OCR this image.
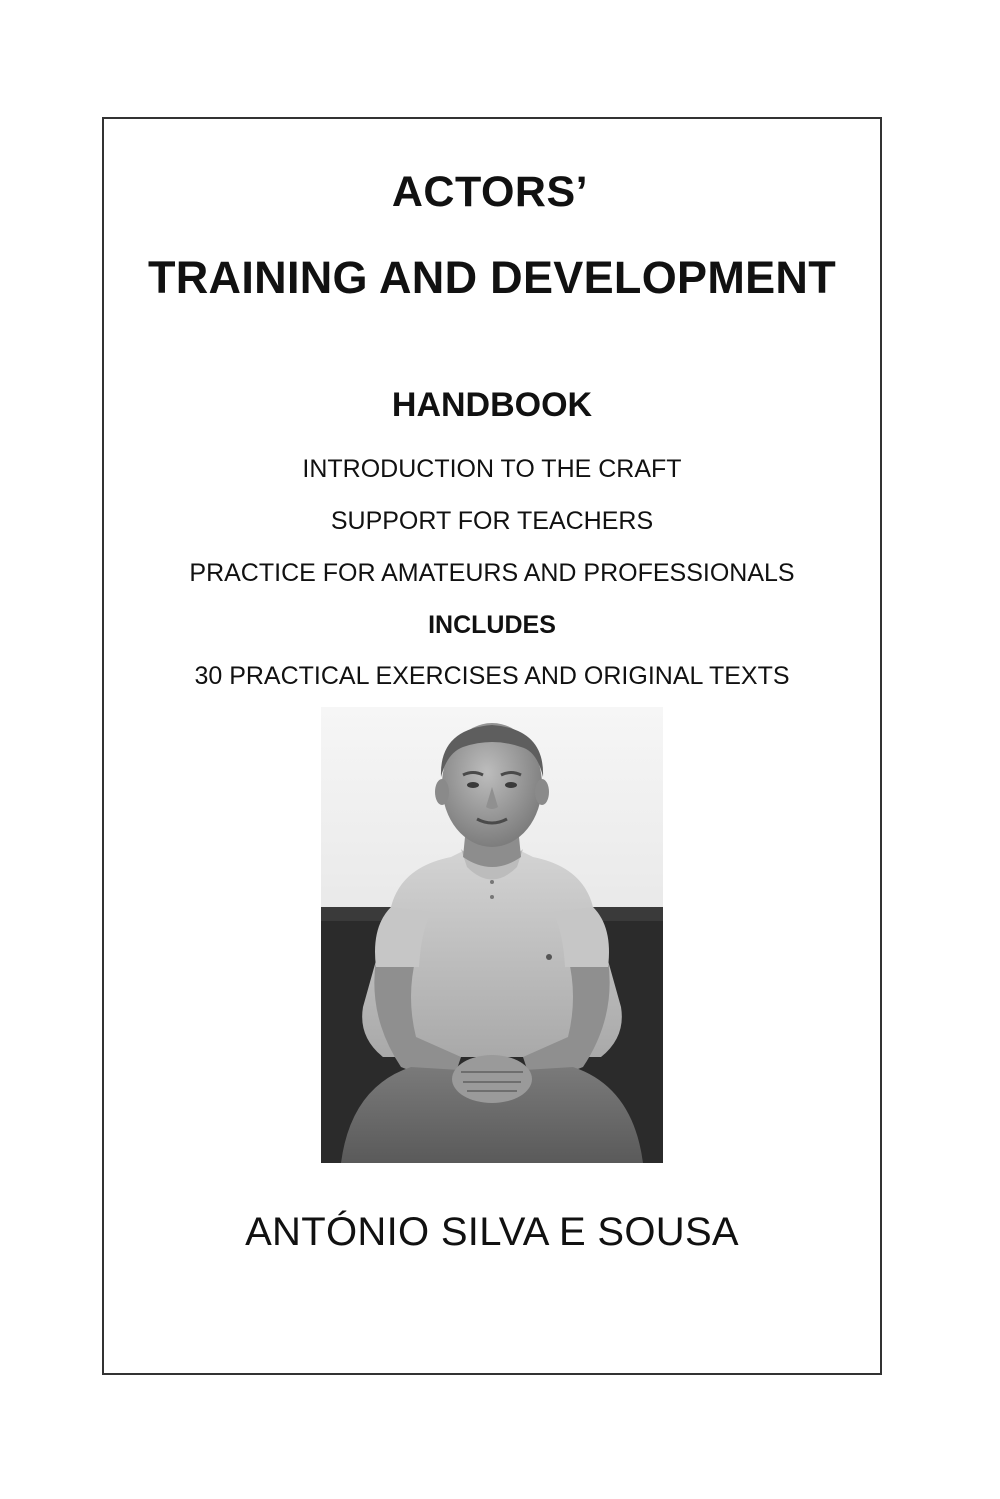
ACTORS’
TRAINING AND DEVELOPMENT
HANDBOOK

INTRODUCTION TO THE CRAFT

SUPPORT FOR TEACHERS

PRACTICE FOR AMATEURS AND PROFESSIONALS

INCLUDES

30 PRACTICAL EXERCISES AND ORIGINAL TEXTS

ANTÓNIO SILVA E SOUSA
